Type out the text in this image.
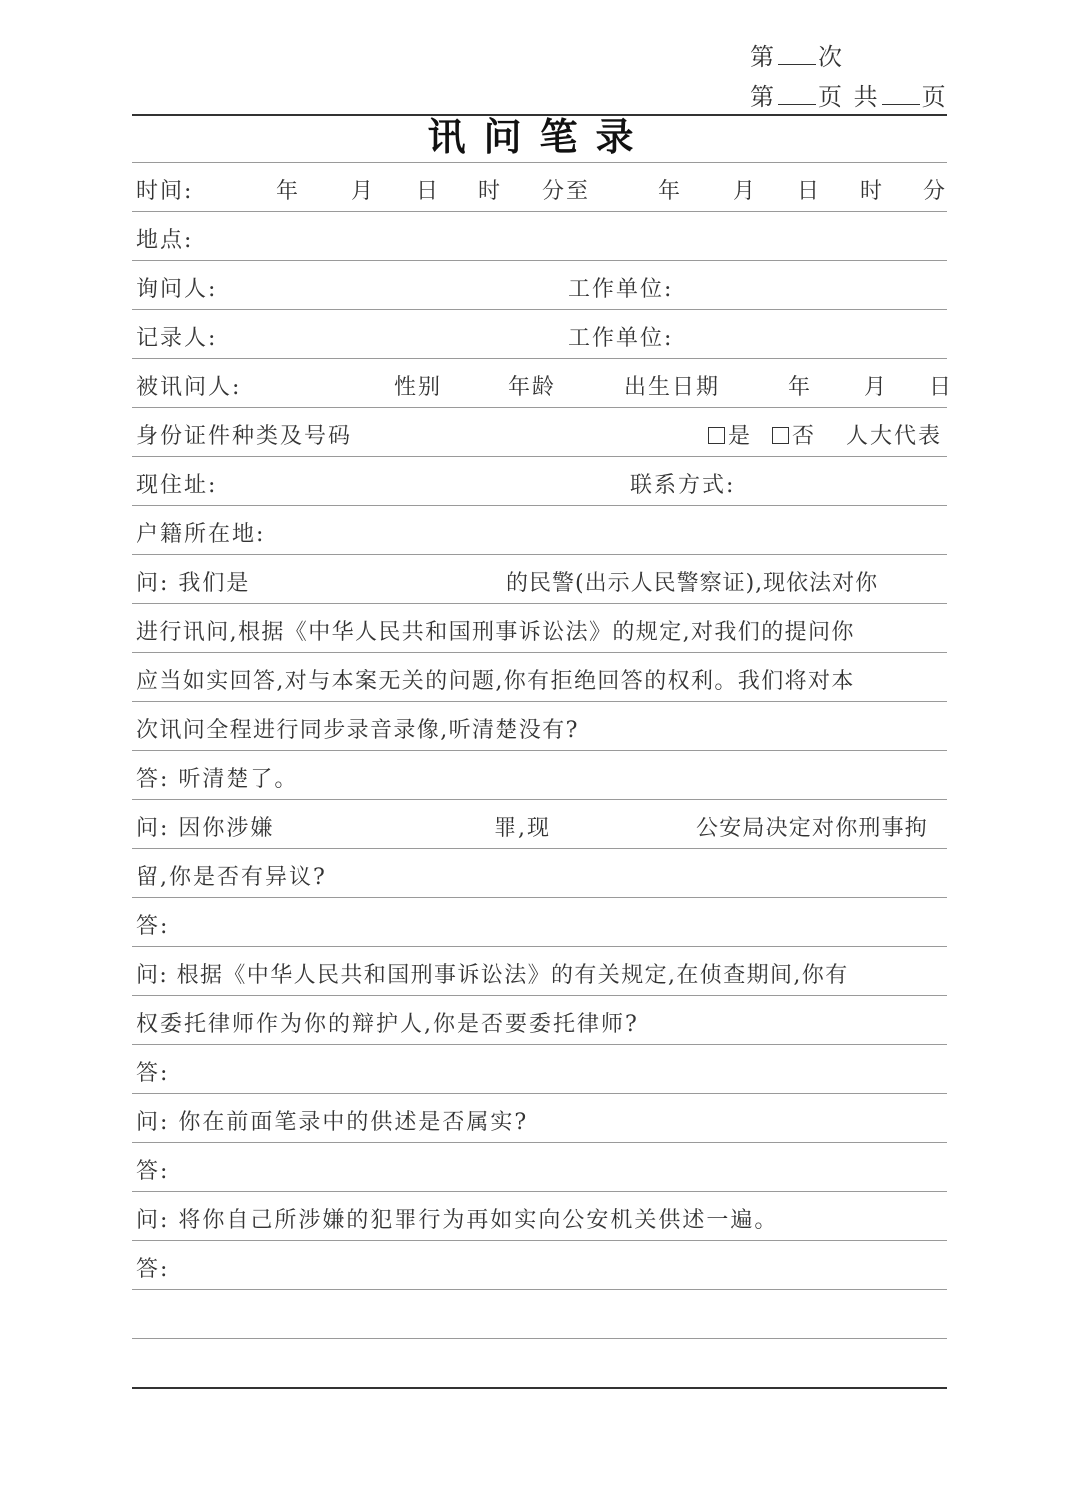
第 次
第 页 共 页
讯问笔录
时间:	年 月 日 时 分至	年 月 日 时 分
地点:
询问人:	工作单位:
记录人:	工作单位:
被讯问人:	性别	年龄	出生日期	年 月 日
身份证件种类及号码	是	否 人大代表
现住址:	联系方式:
户籍所在地:
问: 我们是	的民警(出示人民警察证),现依法对你
进行讯问,根据《中华人民共和国刑事诉讼法》的规定,对我们的提问你
应当如实回答,对与本案无关的问题,你有拒绝回答的权利。我们将对本
次讯问全程进行同步录音录像,听清楚没有?
答: 听清楚了。
问: 因你涉嫌	罪,现	公安局决定对你刑事拘
留,你是否有异议?
答:
问: 根据《中华人民共和国刑事诉讼法》的有关规定,在侦查期间,你有
权委托律师作为你的辩护人,你是否要委托律师?
答:
问: 你在前面笔录中的供述是否属实?
答:
问: 将你自己所涉嫌的犯罪行为再如实向公安机关供述一遍。
答:
